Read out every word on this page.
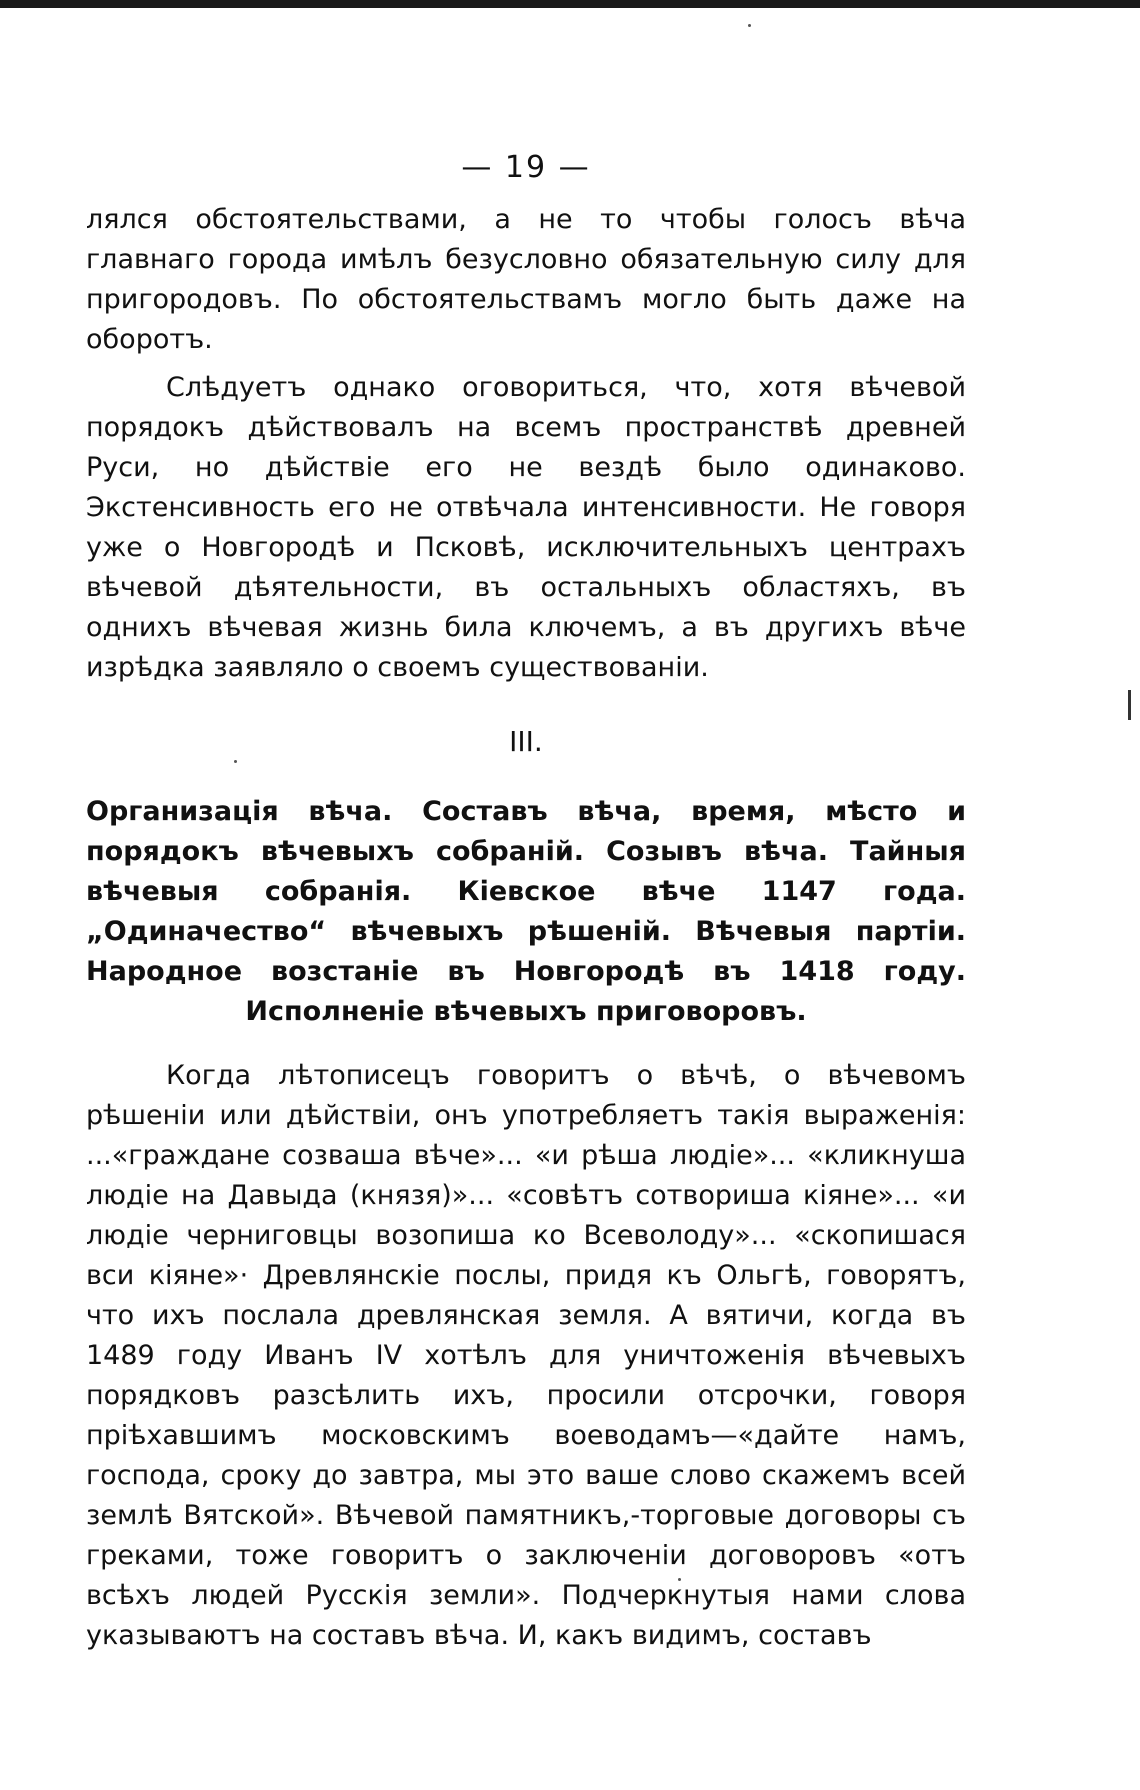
— 19 —

лялся обстоятельствами, а не то чтобы голосъ вѣча главнаго города имѣлъ безусловно обязательную силу для пригородовъ. По обстоятельствамъ могло быть даже на оборотъ.

Слѣдуетъ однако оговориться, что, хотя вѣчевой порядокъ дѣйствовалъ на всемъ пространствѣ древней Руси, но дѣйствіе его не вездѣ было одинаково. Экстенсивность его не отвѣчала интенсивности. Не говоря уже о Новгородѣ и Псковѣ, исключительныхъ центрахъ вѣчевой дѣятельности, въ остальныхъ областяхъ, въ однихъ вѣчевая жизнь била ключемъ, а въ другихъ вѣче изрѣдка заявляло о своемъ существованіи.

III.
Организація вѣча. Составъ вѣча, время, мѣсто и порядокъ вѣчевыхъ собраній. Созывъ вѣча. Тайныя вѣчевыя собранія. Кіевское вѣче 1147 года. „Одиначество“ вѣчевыхъ рѣшеній. Вѣчевыя партіи. Народное возстаніе въ Новгородѣ въ 1418 году. Исполненіе вѣчевыхъ приговоровъ.

Когда лѣтописецъ говоритъ о вѣчѣ, о вѣчевомъ рѣшеніи или дѣйствіи, онъ употребляетъ такія выраженія: ...«граждане созваша вѣче»... «и рѣша людіе»... «кликнуша людіе на Давыда (князя)»... «совѣтъ сотвориша кіяне»... «и людіе черниговцы возопиша ко Всеволоду»... «скопишася вси кіяне»· Древлянскіе послы, придя къ Ольгѣ, говорятъ, что ихъ послала древлянская земля. А вятичи, когда въ 1489 году Иванъ IV хотѣлъ для уничтоженія вѣчевыхъ порядковъ разсѣлить ихъ, просили отсрочки, говоря пріѣхавшимъ московскимъ воеводамъ—«дайте намъ, господа, сроку до завтра, мы это ваше слово скажемъ всей землѣ Вятской». Вѣчевой памятникъ,-торговые договоры съ греками, тоже говоритъ о заключеніи договоровъ «отъ всѣхъ людей Русскія земли». Подчеркнутыя нами слова указываютъ на составъ вѣча. И, какъ видимъ, составъ
